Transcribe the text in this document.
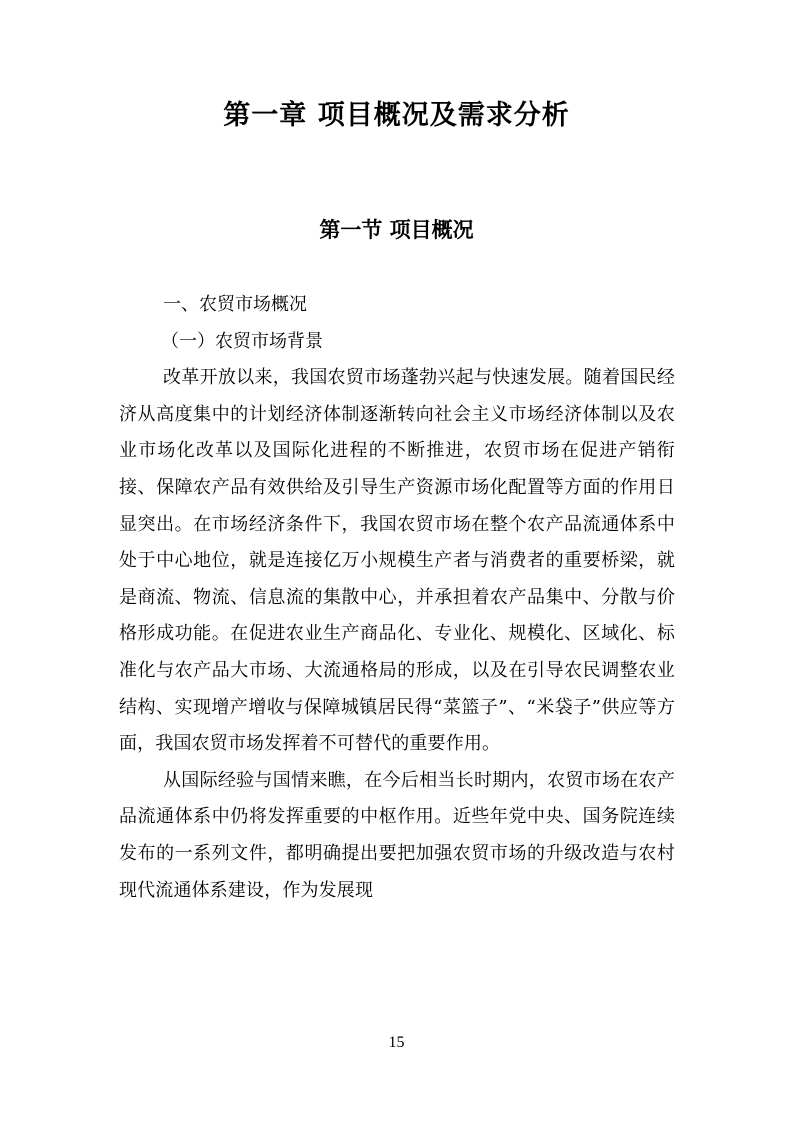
第一章 项目概况及需求分析
第一节 项目概况

一、农贸市场概况

（一）农贸市场背景

改革开放以来，我国农贸市场蓬勃兴起与快速发展。随着国民经济从高度集中的计划经济体制逐渐转向社会主义市场经济体制以及农业市场化改革以及国际化进程的不断推进，农贸市场在促进产销衔接、保障农产品有效供给及引导生产资源市场化配置等方面的作用日显突出。在市场经济条件下，我国农贸市场在整个农产品流通体系中处于中心地位，就是连接亿万小规模生产者与消费者的重要桥梁，就是商流、物流、信息流的集散中心，并承担着农产品集中、分散与价格形成功能。在促进农业生产商品化、专业化、规模化、区域化、标准化与农产品大市场、大流通格局的形成，以及在引导农民调整农业结构、实现增产增收与保障城镇居民得“菜篮子”、“米袋子”供应等方面，我国农贸市场发挥着不可替代的重要作用。

从国际经验与国情来瞧，在今后相当长时期内，农贸市场在农产品流通体系中仍将发挥重要的中枢作用。近些年党中央、国务院连续发布的一系列文件，都明确提出要把加强农贸市场的升级改造与农村现代流通体系建设，作为发展现

15
